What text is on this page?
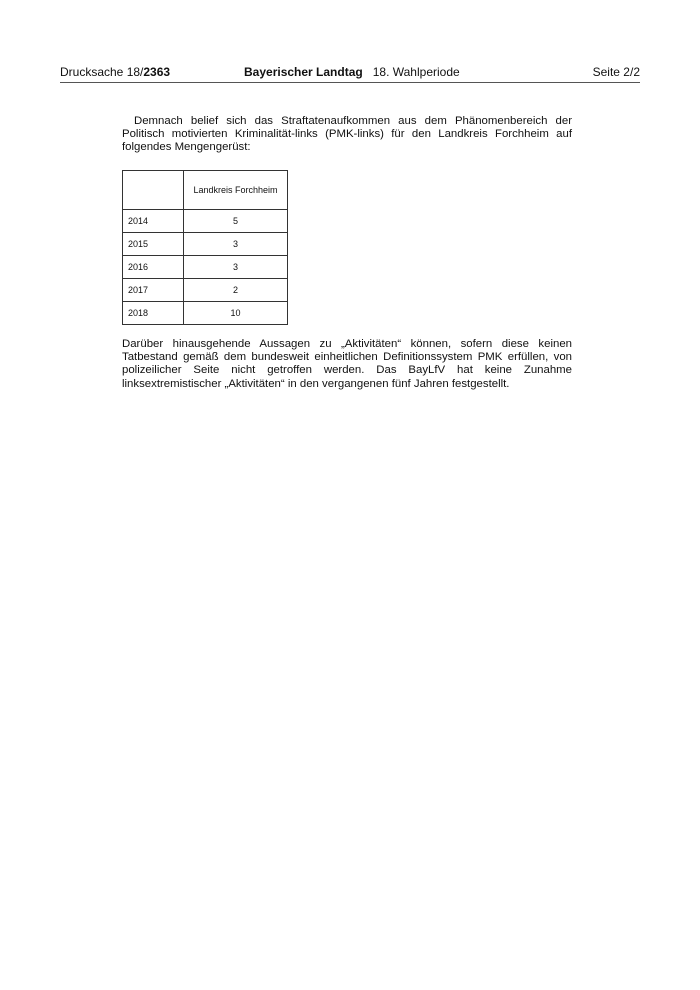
Drucksache 18/2363	Bayerischer Landtag 18. Wahlperiode	Seite 2/2

Demnach belief sich das Straftatenaufkommen aus dem Phänomenbereich der Politisch motivierten Kriminalität-links (PMK-links) für den Landkreis Forchheim auf folgendes Mengengerüst:

	Landkreis Forchheim
2014	5
2015	3
2016	3
2017	2
2018	10

Darüber hinausgehende Aussagen zu „Aktivitäten“ können, sofern diese keinen Tatbestand gemäß dem bundesweit einheitlichen Definitionssystem PMK erfüllen, von polizeilicher Seite nicht getroffen werden. Das BayLfV hat keine Zunahme linksextremistischer „Aktivitäten“ in den vergangenen fünf Jahren festgestellt.
